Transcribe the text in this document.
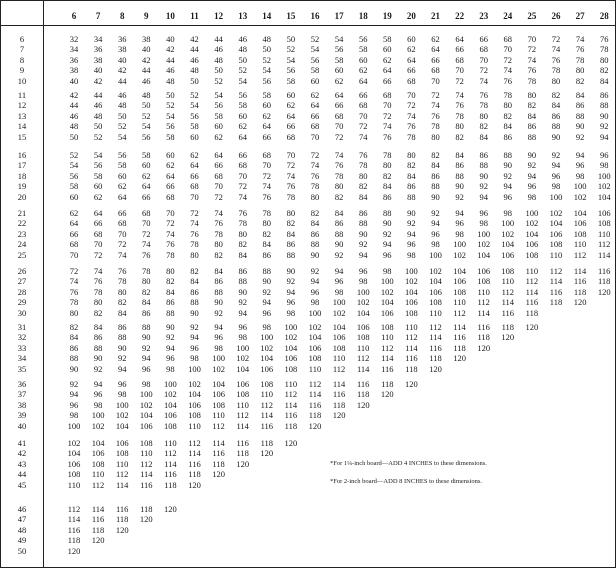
6	7	8	9	10	11	12	13	14	15	16	17	18	19	20	21	22	23	24	25	26	27	28
6	32	34	36	38	40	42	44	46	48	50	52	54	56	58	60	62	64	66	68	70	72	74	76
7	34	36	38	40	42	44	46	48	50	52	54	56	58	60	62	64	66	68	70	72	74	76	78
8	36	38	40	42	44	46	48	50	52	54	56	58	60	62	64	66	68	70	72	74	76	78	80
9	38	40	42	44	46	48	50	52	54	56	58	60	62	64	66	68	70	72	74	76	78	80	82
10	40	42	44	46	48	50	52	54	56	58	60	62	64	66	68	70	72	74	76	78	80	82	84
11	42	44	46	48	50	52	54	56	58	60	62	64	66	68	70	72	74	76	78	80	82	84	86
12	44	46	48	50	52	54	56	58	60	62	64	66	68	70	72	74	76	78	80	82	84	86	88
13	46	48	50	52	54	56	58	60	62	64	66	68	70	72	74	76	78	80	82	84	86	88	90
14	48	50	52	54	56	58	60	62	64	66	68	70	72	74	76	78	80	82	84	86	88	90	92
15	50	52	54	56	58	60	62	64	66	68	70	72	74	76	78	80	82	84	86	88	90	92	94
16	52	54	56	58	60	62	64	66	68	70	72	74	76	78	80	82	84	86	88	90	92	94	96
17	54	56	58	60	62	64	66	68	70	72	74	76	78	80	82	84	86	88	90	92	94	96	98
18	56	58	60	62	64	66	68	70	72	74	76	78	80	82	84	86	88	90	92	94	96	98	100
19	58	60	62	64	66	68	70	72	74	76	78	80	82	84	86	88	90	92	94	96	98	100	102
20	60	62	64	66	68	70	72	74	76	78	80	82	84	86	88	90	92	94	96	98	100	102	104
21	62	64	66	68	70	72	74	76	78	80	82	84	86	88	90	92	94	96	98	100	102	104	106
22	64	66	68	70	72	74	76	78	80	82	84	86	88	90	92	94	96	98	100	102	104	106	108
23	66	68	70	72	74	76	78	80	82	84	86	88	90	92	94	96	98	100	102	104	106	108	110
24	68	70	72	74	76	78	80	82	84	86	88	90	92	94	96	98	100	102	104	106	108	110	112
25	70	72	74	76	78	80	82	84	86	88	90	92	94	96	98	100	102	104	106	108	110	112	114
26	72	74	76	78	80	82	84	86	88	90	92	94	96	98	100	102	104	106	108	110	112	114	116
27	74	76	78	80	82	84	86	88	90	92	94	96	98	100	102	104	106	108	110	112	114	116	118
28	76	78	80	82	84	86	88	90	92	94	96	98	100	102	104	106	108	110	112	114	116	118	120
29	78	80	82	84	86	88	90	92	94	96	98	100	102	104	106	108	110	112	114	116	118	120
30	80	82	84	86	88	90	92	94	96	98	100	102	104	106	108	110	112	114	116	118
31	82	84	86	88	90	92	94	96	98	100	102	104	106	108	110	112	114	116	118	120
32	84	86	88	90	92	94	96	98	100	102	104	106	108	110	112	114	116	118	120
33	86	88	90	92	94	96	98	100	102	104	106	108	110	112	114	116	118	120
34	88	90	92	94	96	98	100	102	104	106	108	110	112	114	116	118	120
35	90	92	94	96	98	100	102	104	106	108	110	112	114	116	118	120
36	92	94	96	98	100	102	104	106	108	110	112	114	116	118	120
37	94	96	98	100	102	104	106	108	110	112	114	116	118	120
38	96	98	100	102	104	106	108	110	112	114	116	118	120
39	98	100	102	104	106	108	110	112	114	116	118	120
40	100	102	104	106	108	110	112	114	116	118	120
41	102	104	106	108	110	112	114	116	118	120
42	104	106	108	110	112	114	116	118	120
43	106	108	110	112	114	116	118	120
44	108	110	112	114	116	118	120
45	110	112	114	116	118	120
46	112	114	116	118	120
47	114	116	118	120
48	116	118	120
49	118	120
50	120
*For 1¼-inch board—ADD 4 INCHES to these dimensions.
*For 2-inch board—ADD 8 INCHES to these dimensions.
